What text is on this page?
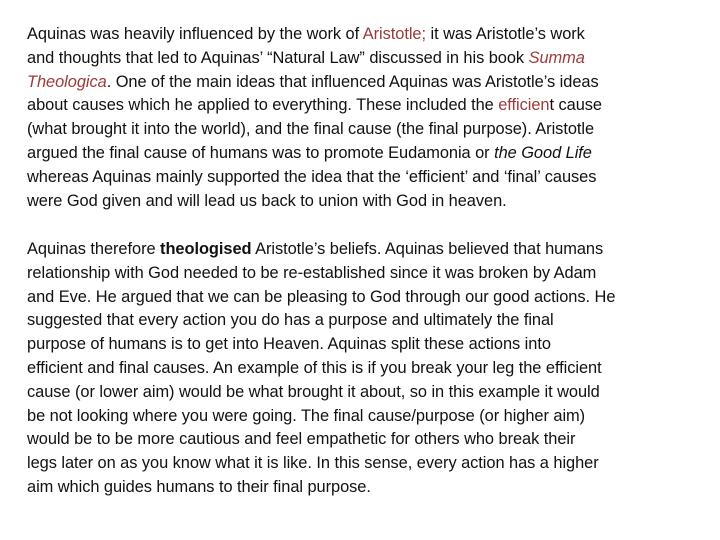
Aquinas was heavily influenced by the work of Aristotle; it was Aristotle’s work
and thoughts that led to Aquinas’ “Natural Law” discussed in his book Summa
Theologica. One of the main ideas that influenced Aquinas was Aristotle’s ideas
about causes which he applied to everything. These included the efficient cause
(what brought it into the world), and the final cause (the final purpose). Aristotle
argued the final cause of humans was to promote Eudamonia or the Good Life
whereas Aquinas mainly supported the idea that the ‘efficient’ and ‘final’ causes
were God given and will lead us back to union with God in heaven.
Aquinas therefore theologised Aristotle’s beliefs. Aquinas believed that humans
relationship with God needed to be re-established since it was broken by Adam
and Eve. He argued that we can be pleasing to God through our good actions. He
suggested that every action you do has a purpose and ultimately the final
purpose of humans is to get into Heaven. Aquinas split these actions into
efficient and final causes. An example of this is if you break your leg the efficient
cause (or lower aim) would be what brought it about, so in this example it would
be not looking where you were going. The final cause/purpose (or higher aim)
would be to be more cautious and feel empathetic for others who break their
legs later on as you know what it is like. In this sense, every action has a higher
aim which guides humans to their final purpose.
